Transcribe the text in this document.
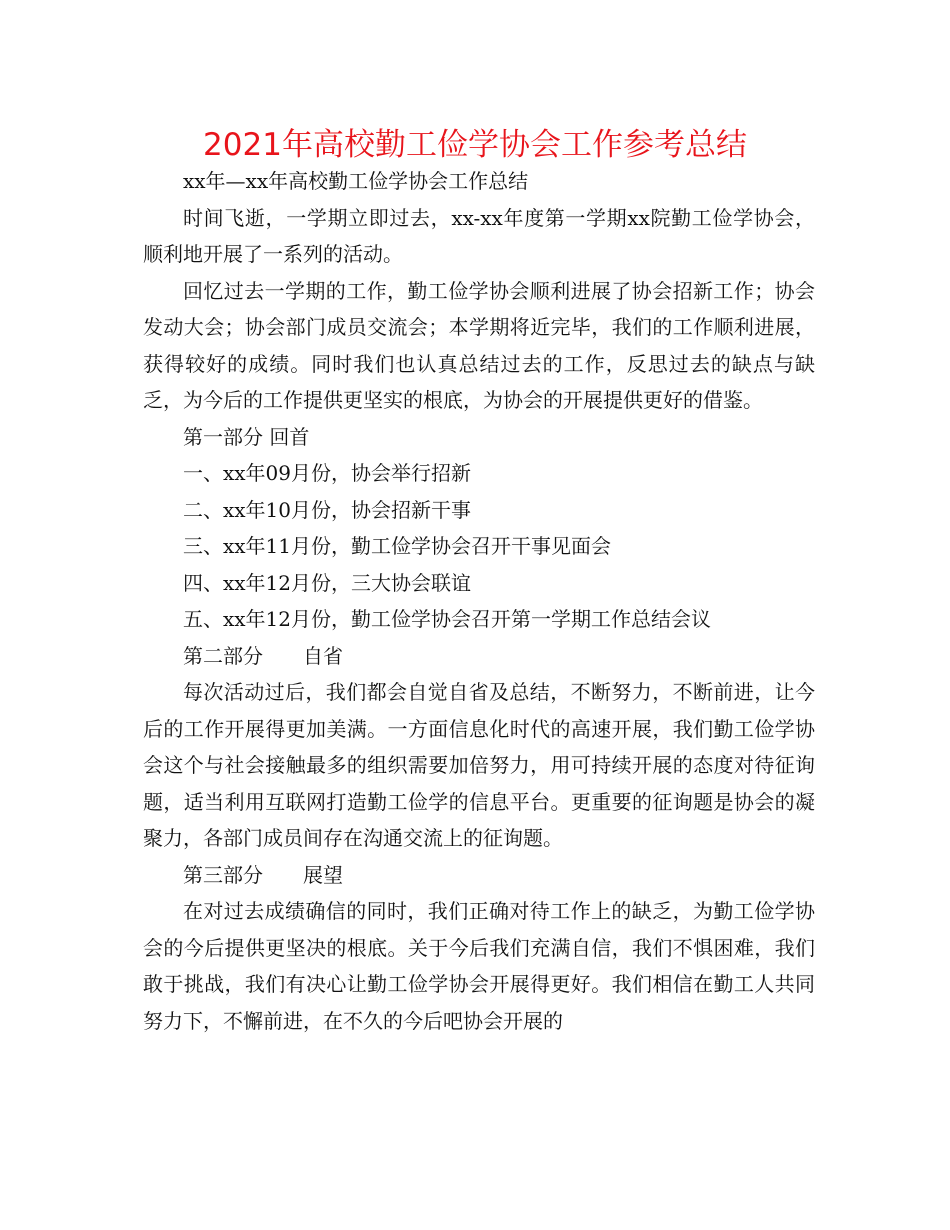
2021年高校勤工俭学协会工作参考总结

xx年—xx年高校勤工俭学协会工作总结

时间飞逝，一学期立即过去，xx-xx年度第一学期xx院勤工俭学协会，顺利地开展了一系列的活动。

回忆过去一学期的工作，勤工俭学协会顺利进展了协会招新工作；协会发动大会；协会部门成员交流会；本学期将近完毕，我们的工作顺利进展，获得较好的成绩。同时我们也认真总结过去的工作，反思过去的缺点与缺乏，为今后的工作提供更坚实的根底，为协会的开展提供更好的借鉴。

第一部分 回首

一、xx年09月份，协会举行招新

二、xx年10月份，协会招新干事

三、xx年11月份，勤工俭学协会召开干事见面会

四、xx年12月份，三大协会联谊

五、xx年12月份，勤工俭学协会召开第一学期工作总结会议

第二部分　　自省

每次活动过后，我们都会自觉自省及总结，不断努力，不断前进，让今后的工作开展得更加美满。一方面信息化时代的高速开展，我们勤工俭学协会这个与社会接触最多的组织需要加倍努力，用可持续开展的态度对待征询题，适当利用互联网打造勤工俭学的信息平台。更重要的征询题是协会的凝聚力，各部门成员间存在沟通交流上的征询题。

第三部分　　展望

在对过去成绩确信的同时，我们正确对待工作上的缺乏，为勤工俭学协会的今后提供更坚决的根底。关于今后我们充满自信，我们不惧困难，我们敢于挑战，我们有决心让勤工俭学协会开展得更好。我们相信在勤工人共同努力下，不懈前进，在不久的今后吧协会开展的
